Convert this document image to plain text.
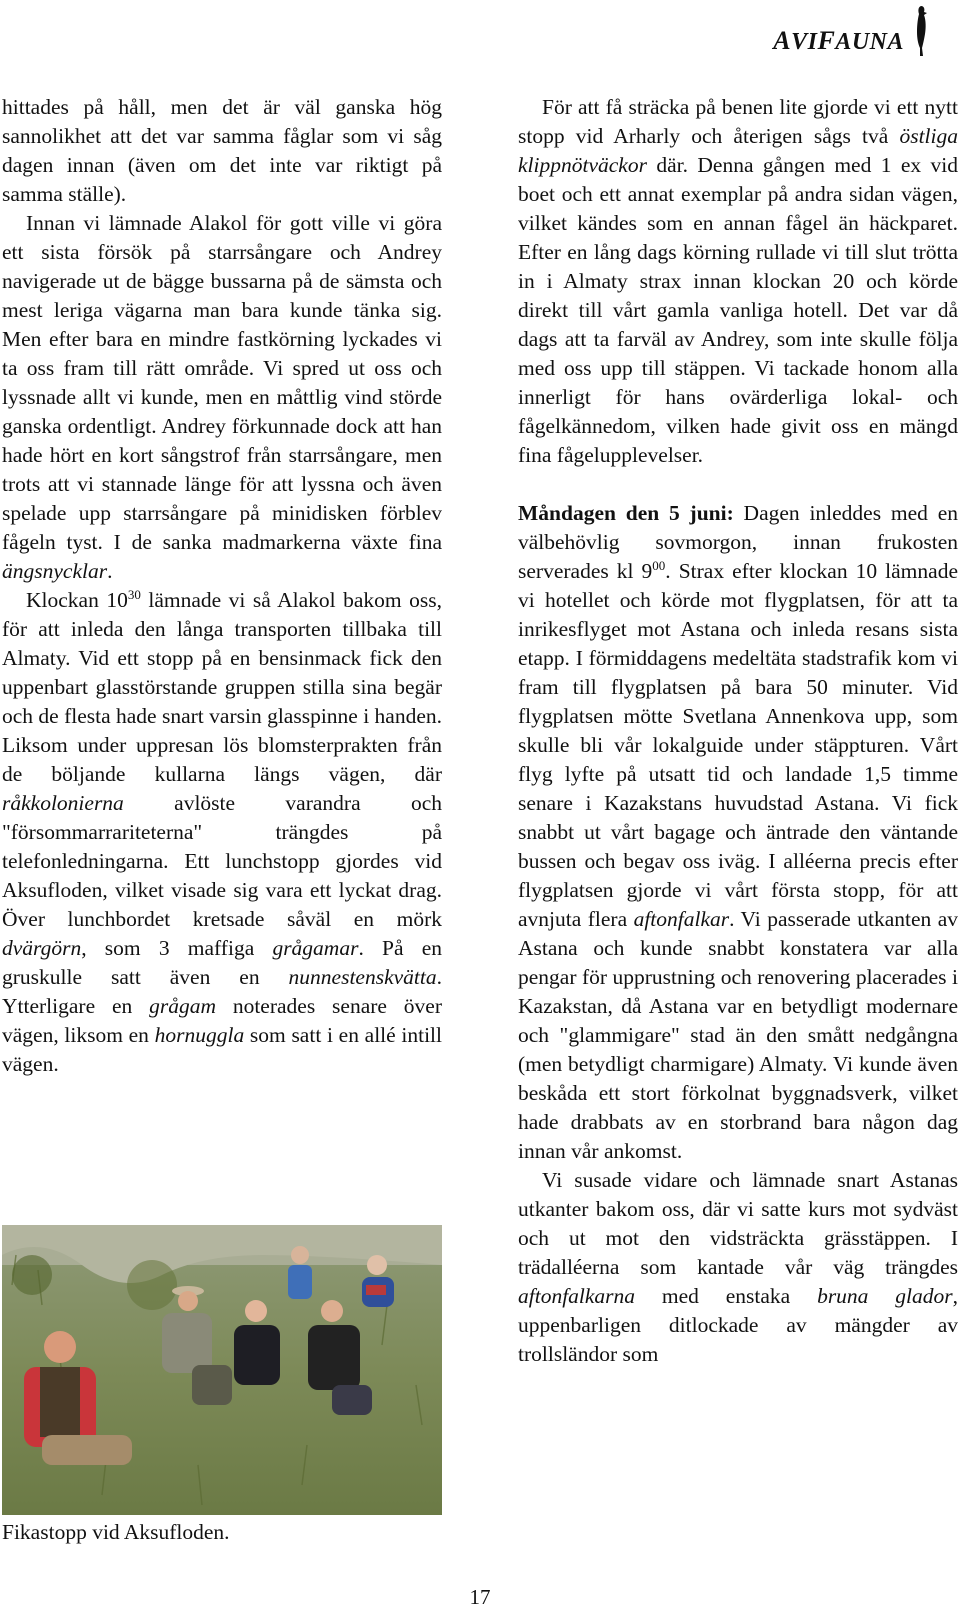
AVIFAUNA

hittades på håll, men det är väl ganska hög sannolikhet att det var samma fåglar som vi såg dagen innan (även om det inte var riktigt på samma ställe).

Innan vi lämnade Alakol för gott ville vi göra ett sista försök på starrsångare och Andrey navigerade ut de bägge bussarna på de sämsta och mest leriga vägarna man bara kunde tänka sig. Men efter bara en mindre fastkörning lyckades vi ta oss fram till rätt område. Vi spred ut oss och lyssnade allt vi kunde, men en måttlig vind störde ganska ordentligt. Andrey förkunnade dock att han hade hört en kort sångstrof från starrsångare, men trots att vi stannade länge för att lyssna och även spelade upp starrsångare på minidisken förblev fågeln tyst. I de sanka madmarkerna växte fina ängsnycklar.

Klockan $10^{30}$ lämnade vi så Alakol bakom oss, för att inleda den långa transporten tillbaka till Almaty. Vid ett stopp på en bensinmack fick den uppenbart glasstörstande gruppen stilla sina begär och de flesta hade snart varsin glasspinne i handen. Liksom under uppresan lös blomsterprakten från de böljande kullarna längs vägen, där råkkolonierna avlöste varandra och "försommarrariteterna" trängdes på telefonledningarna. Ett lunchstopp gjordes vid Aksufloden, vilket visade sig vara ett lyckat drag. Över lunchbordet kretsade såväl en mörk dvärgörn, som 3 maffiga grågamar. På en gruskulle satt även en nunnestenskvätta. Ytterligare en grågam noterades senare över vägen, liksom en hornuggla som satt i en allé intill vägen.

För att få sträcka på benen lite gjorde vi ett nytt stopp vid Arharly och återigen sågs två östliga klippnötväckor där. Denna gången med 1 ex vid boet och ett annat exemplar på andra sidan vägen, vilket kändes som en annan fågel än häckparet. Efter en lång dags körning rullade vi till slut trötta in i Almaty strax innan klockan 20 och körde direkt till vårt gamla vanliga hotell. Det var då dags att ta farväl av Andrey, som inte skulle följa med oss upp till stäppen. Vi tackade honom alla innerligt för hans ovärderliga lokal- och fågelkännedom, vilken hade givit oss en mängd fina fågelupplevelser.

Måndagen den 5 juni: Dagen inleddes med en välbehövlig sovmorgon, innan frukosten serverades kl $9^{00}$. Strax efter klockan 10 lämnade vi hotellet och körde mot flygplatsen, för att ta inrikesflyget mot Astana och inleda resans sista etapp. I förmiddagens medeltäta stadstrafik kom vi fram till flygplatsen på bara 50 minuter. Vid flygplatsen mötte Svetlana Annenkova upp, som skulle bli vår lokalguide under stäppturen. Vårt flyg lyfte på utsatt tid och landade 1,5 timme senare i Kazakstans huvudstad Astana. Vi fick snabbt ut vårt bagage och äntrade den väntande bussen och begav oss iväg. I alléerna precis efter flygplatsen gjorde vi vårt första stopp, för att avnjuta flera aftonfalkar. Vi passerade utkanten av Astana och kunde snabbt konstatera var alla pengar för upprustning och renovering placerades i Kazakstan, då Astana var en betydligt modernare och "glammigare" stad än den smått nedgångna (men betydligt charmigare) Almaty. Vi kunde även beskåda ett stort förkolnat byggnadsverk, vilket hade drabbats av en storbrand bara någon dag innan vår ankomst.

Vi susade vidare och lämnade snart Astanas utkanter bakom oss, där vi satte kurs mot sydväst och ut mot den vidsträckta grässtäppen. I trädalléerna som kantade vår väg trängdes aftonfalkarna med enstaka bruna glador, uppenbarligen ditlockade av mängder av trollsländor som

Fikastopp vid Aksufloden.
17
